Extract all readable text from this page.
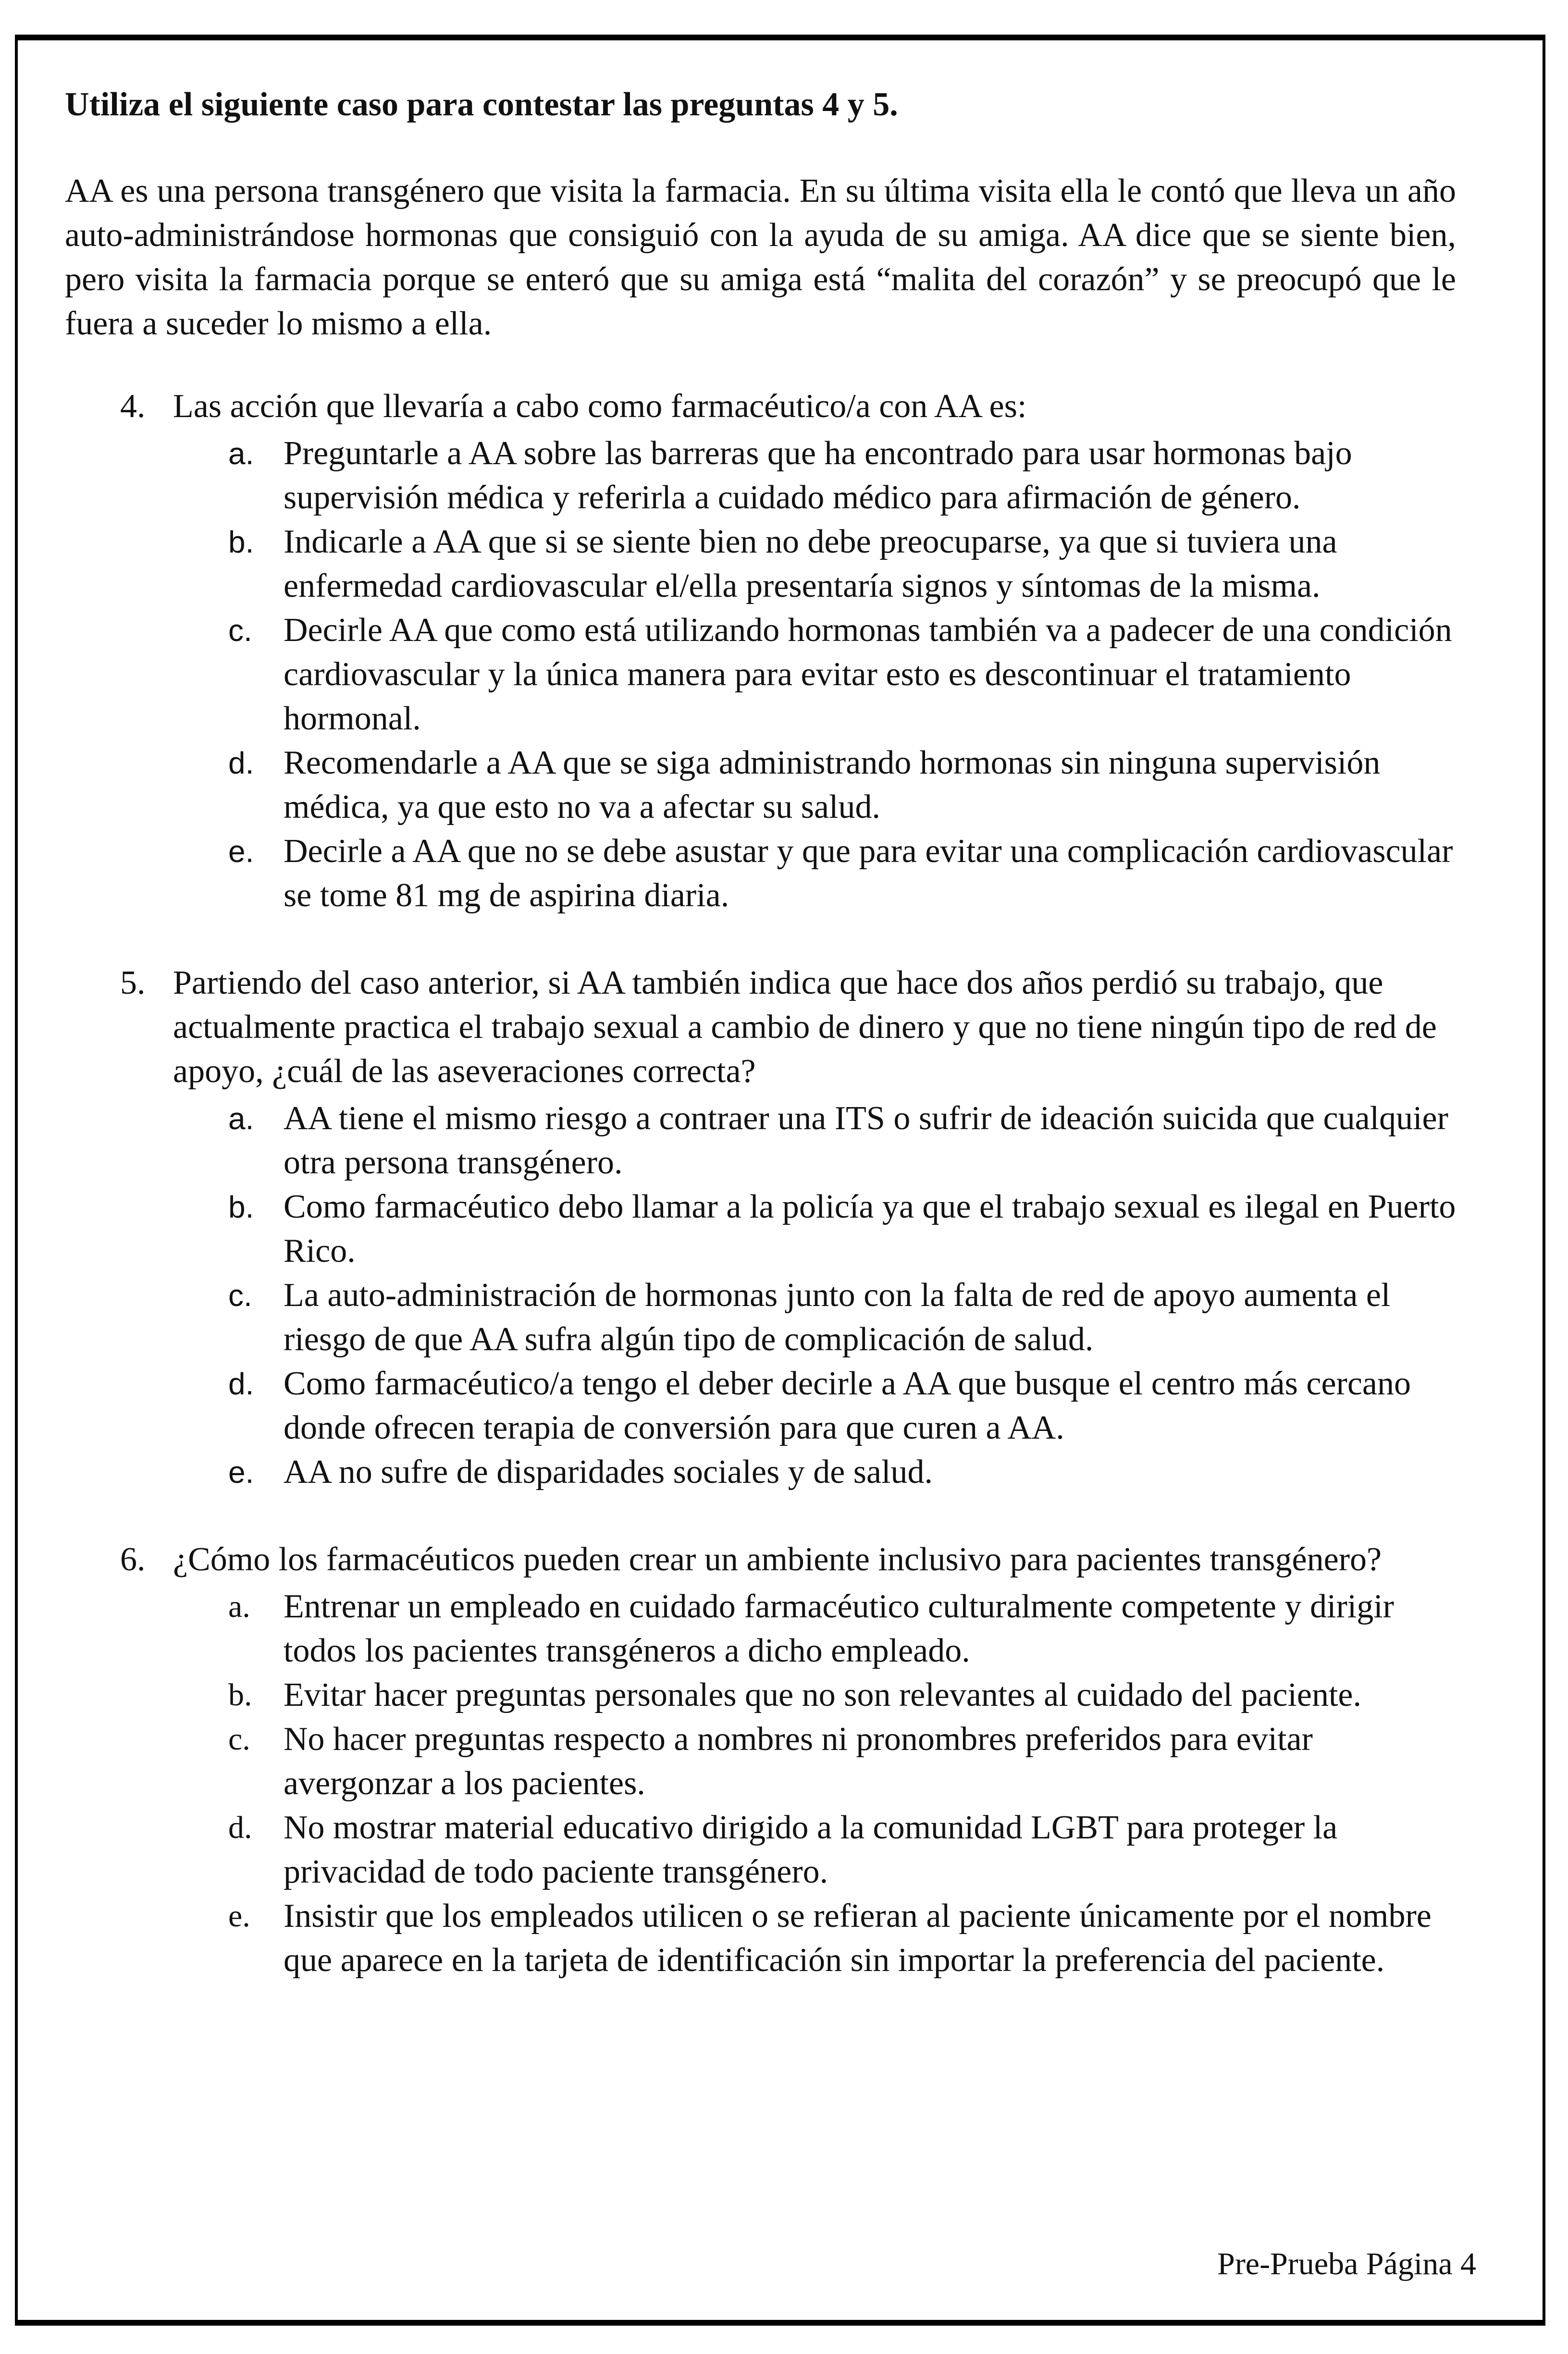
Utiliza el siguiente caso para contestar las preguntas 4 y 5.

AA es una persona transgénero que visita la farmacia. En su última visita ella le contó que lleva un año auto-administrándose hormonas que consiguió con la ayuda de su amiga. AA dice que se siente bien, pero visita la farmacia porque se enteró que su amiga está “malita del corazón” y se preocupó que le fuera a suceder lo mismo a ella.

4. Las acción que llevaría a cabo como farmacéutico/a con AA es:
a. Preguntarle a AA sobre las barreras que ha encontrado para usar hormonas bajo supervisión médica y referirla a cuidado médico para afirmación de género.
b. Indicarle a AA que si se siente bien no debe preocuparse, ya que si tuviera una enfermedad cardiovascular el/ella presentaría signos y síntomas de la misma.
c. Decirle AA que como está utilizando hormonas también va a padecer de una condición cardiovascular y la única manera para evitar esto es descontinuar el tratamiento hormonal.
d. Recomendarle a AA que se siga administrando hormonas sin ninguna supervisión médica, ya que esto no va a afectar su salud.
e. Decirle a AA que no se debe asustar y que para evitar una complicación cardiovascular se tome 81 mg de aspirina diaria.
5. Partiendo del caso anterior, si AA también indica que hace dos años perdió su trabajo, que actualmente practica el trabajo sexual a cambio de dinero y que no tiene ningún tipo de red de apoyo, ¿cuál de las aseveraciones correcta?
a. AA tiene el mismo riesgo a contraer una ITS o sufrir de ideación suicida que cualquier otra persona transgénero.
b. Como farmacéutico debo llamar a la policía ya que el trabajo sexual es ilegal en Puerto Rico.
c. La auto-administración de hormonas junto con la falta de red de apoyo aumenta el riesgo de que AA sufra algún tipo de complicación de salud.
d. Como farmacéutico/a tengo el deber decirle a AA que busque el centro más cercano donde ofrecen terapia de conversión para que curen a AA.
e. AA no sufre de disparidades sociales y de salud.
6. ¿Cómo los farmacéuticos pueden crear un ambiente inclusivo para pacientes transgénero?
a. Entrenar un empleado en cuidado farmacéutico culturalmente competente y dirigir todos los pacientes transgéneros a dicho empleado.
b. Evitar hacer preguntas personales que no son relevantes al cuidado del paciente.
c. No hacer preguntas respecto a nombres ni pronombres preferidos para evitar avergonzar a los pacientes.
d. No mostrar material educativo dirigido a la comunidad LGBT para proteger la privacidad de todo paciente transgénero.
e. Insistir que los empleados utilicen o se refieran al paciente únicamente por el nombre que aparece en la tarjeta de identificación sin importar la preferencia del paciente.
Pre-Prueba Página 4
